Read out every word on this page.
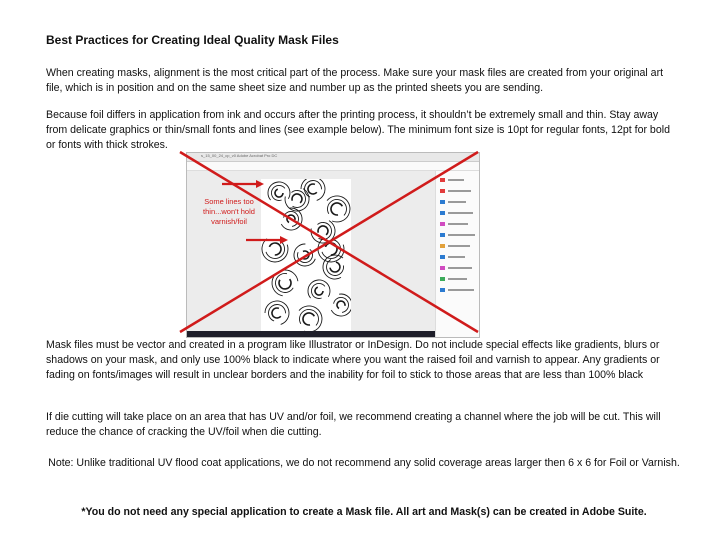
Best Practices for Creating Ideal Quality Mask Files
When creating masks, alignment is the most critical part of the process. Make sure your mask files are created from your original art file, which is in position and on the same sheet size and number up as the printed sheets you are sending.
Because foil differs in application from ink and occurs after the printing process, it shouldn’t be extremely small and thin. Stay away from delicate graphics or thin/small fonts and lines (see example below). The minimum font size is 10pt for regular fonts, 12pt for bold or fonts with thick strokes.
s_15_00_24_cp_v0 Adobe Acrobat Pro DC
Some lines too thin...won't hold varnish/foil
Mask files must be vector and created in a program like Illustrator or InDesign. Do not include special effects like gradients, blurs or shadows on your mask, and only use 100% black to indicate where you want the raised foil and varnish to appear. Any gradients or fading on fonts/images will result in unclear borders and the inability for foil to stick to those areas that are less than 100% black
If die cutting will take place on an area that has UV and/or foil, we recommend creating a channel where the job will be cut. This will reduce the chance of cracking the UV/foil when die cutting.
Note: Unlike traditional UV flood coat applications, we do not recommend any solid coverage areas larger then 6 x 6 for Foil or Varnish.
*You do not need any special application to create a Mask file. All art and Mask(s) can be created in Adobe Suite.
